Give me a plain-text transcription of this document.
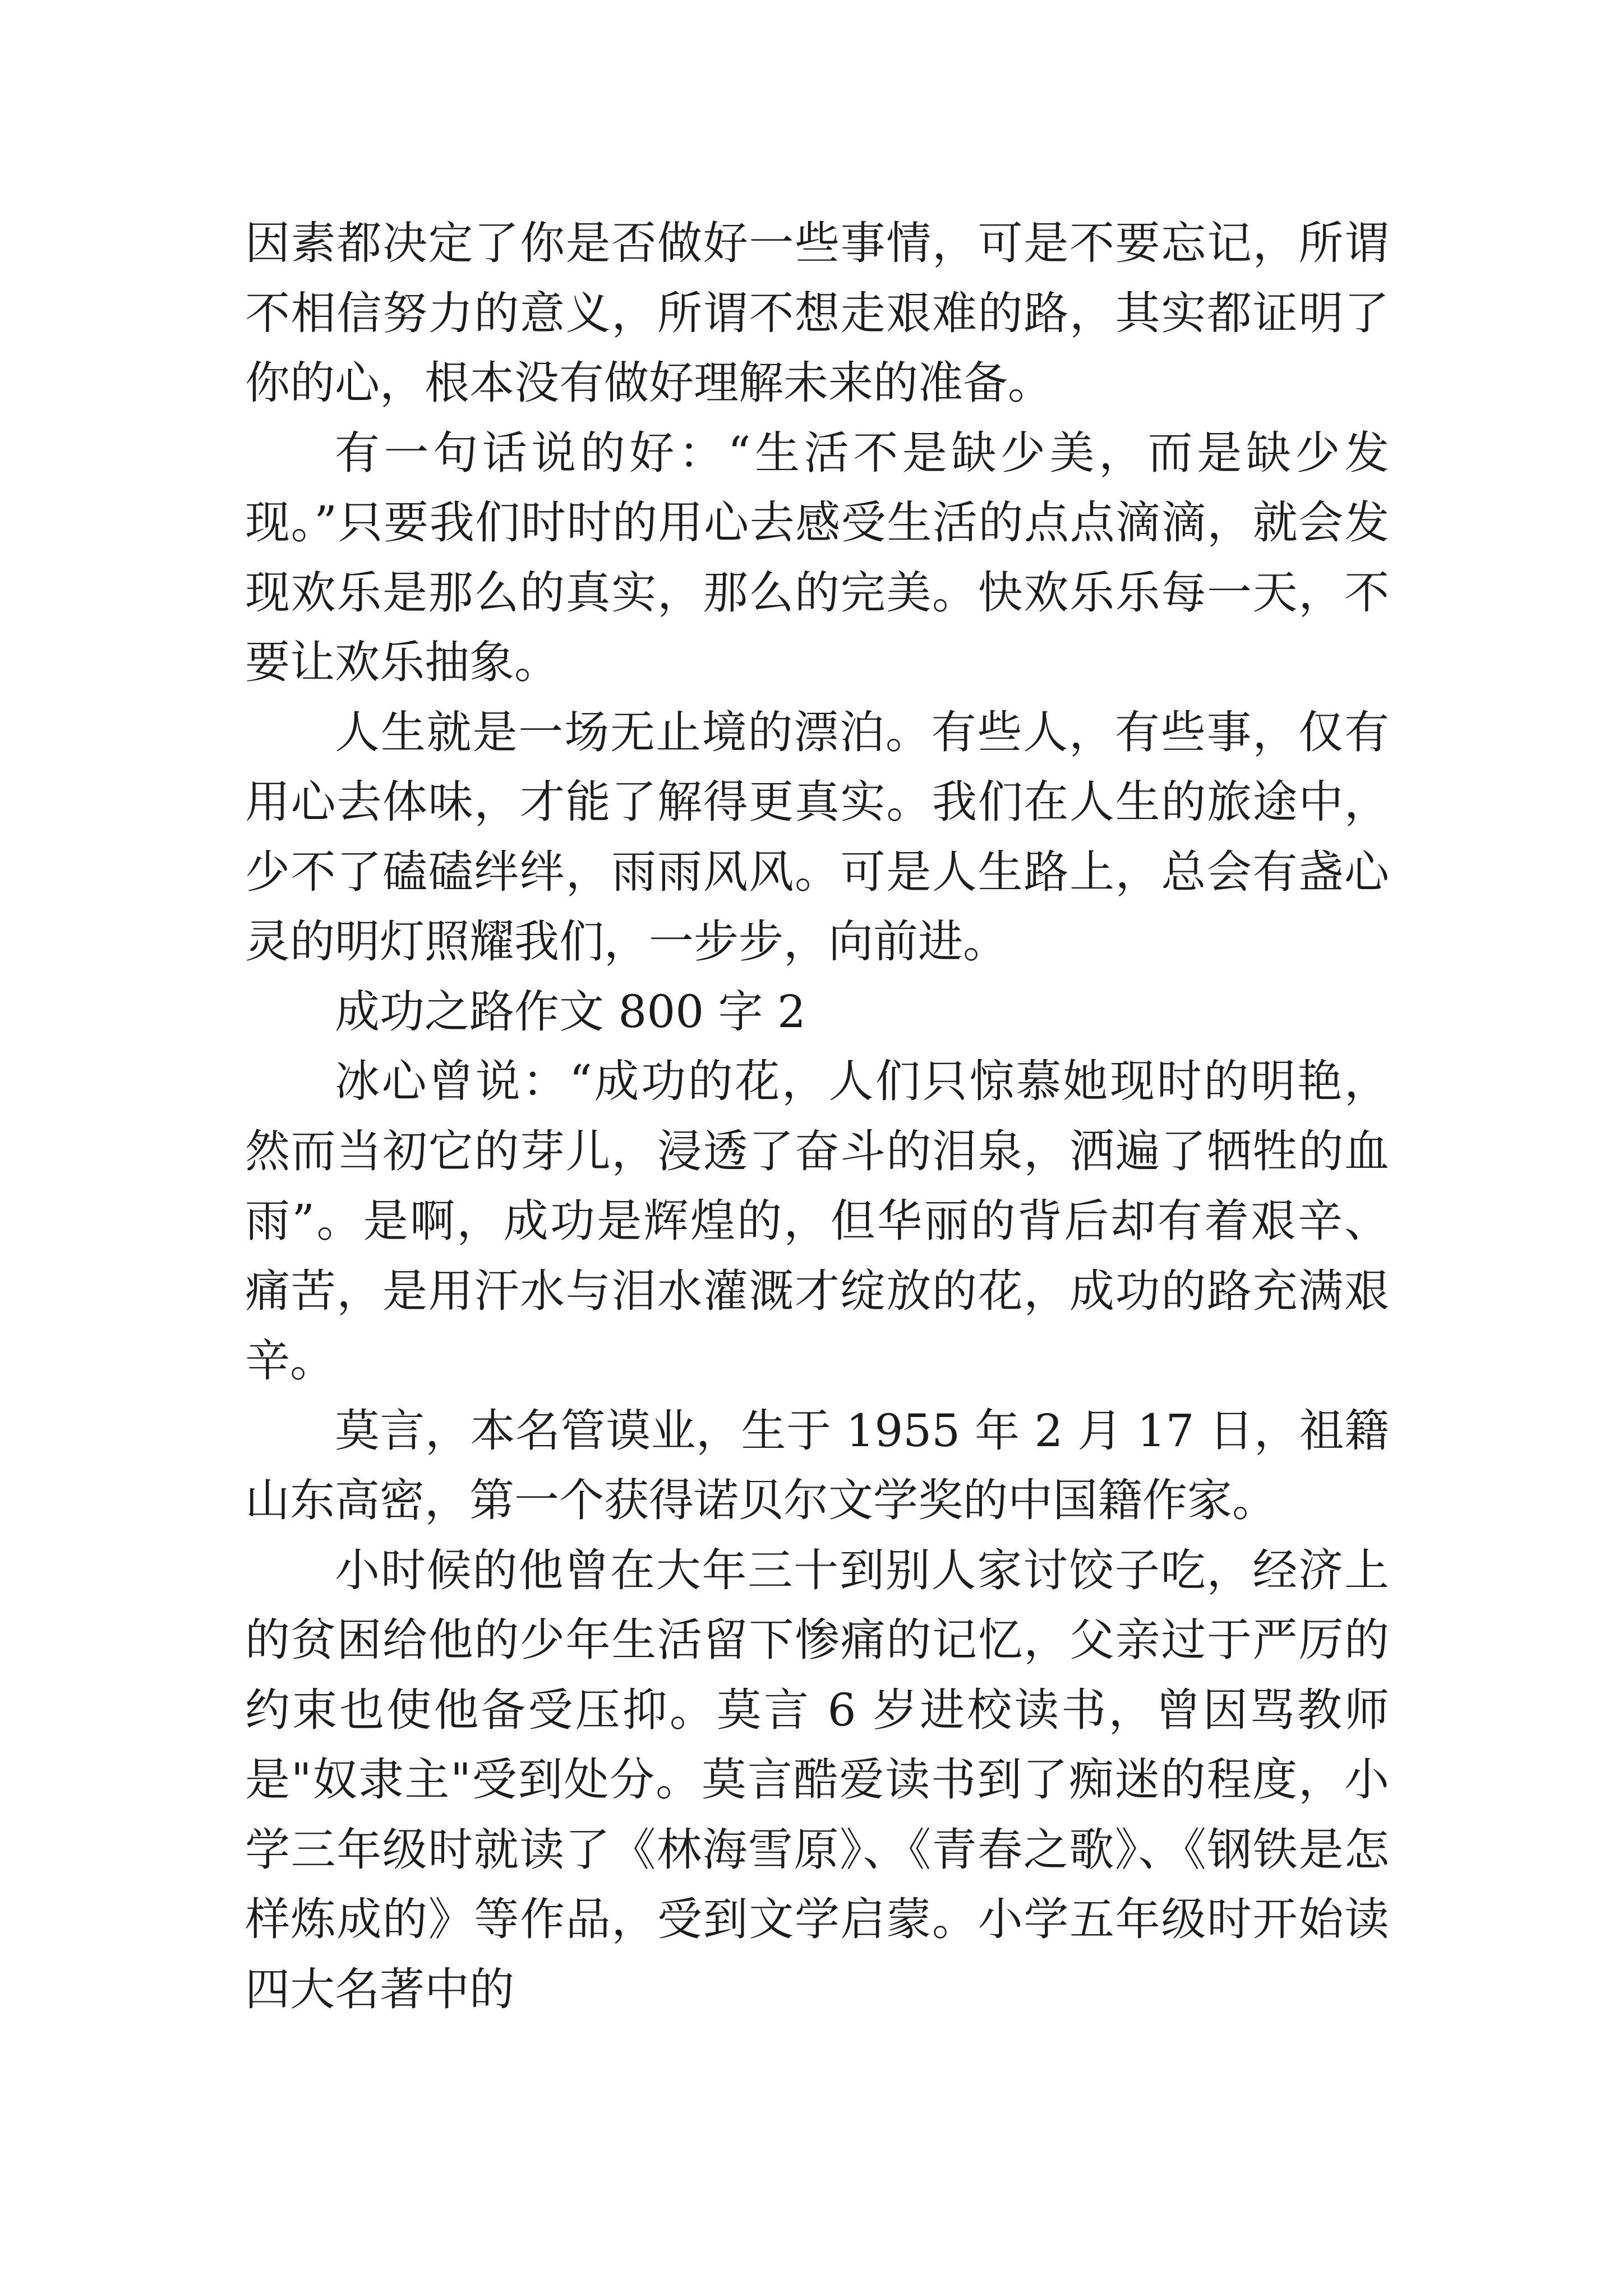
因素都决定了你是否做好一些事情，可是不要忘记，所谓不相信努力的意义，所谓不想走艰难的路，其实都证明了你的心，根本没有做好理解未来的准备。

有一句话说的好：“生活不是缺少美，而是缺少发现。”只要我们时时的用心去感受生活的点点滴滴，就会发现欢乐是那么的真实，那么的完美。快欢乐乐每一天，不要让欢乐抽象。

人生就是一场无止境的漂泊。有些人，有些事，仅有用心去体味，才能了解得更真实。我们在人生的旅途中，少不了磕磕绊绊，雨雨风风。可是人生路上，总会有盏心灵的明灯照耀我们，一步步，向前进。

成功之路作文 800 字 2

冰心曾说：“成功的花，人们只惊慕她现时的明艳，然而当初它的芽儿，浸透了奋斗的泪泉，洒遍了牺牲的血雨”。是啊，成功是辉煌的，但华丽的背后却有着艰辛、痛苦，是用汗水与泪水灌溉才绽放的花，成功的路充满艰辛。

莫言，本名管谟业，生于 1955 年 2 月 17 日，祖籍山东高密，第一个获得诺贝尔文学奖的中国籍作家。

小时候的他曾在大年三十到别人家讨饺子吃，经济上的贫困给他的少年生活留下惨痛的记忆，父亲过于严厉的约束也使他备受压抑。莫言 6 岁进校读书，曾因骂教师是"奴隶主"受到处分。莫言酷爱读书到了痴迷的程度，小学三年级时就读了《林海雪原》、《青春之歌》、《钢铁是怎样炼成的》等作品，受到文学启蒙。小学五年级时开始读四大名著中的
